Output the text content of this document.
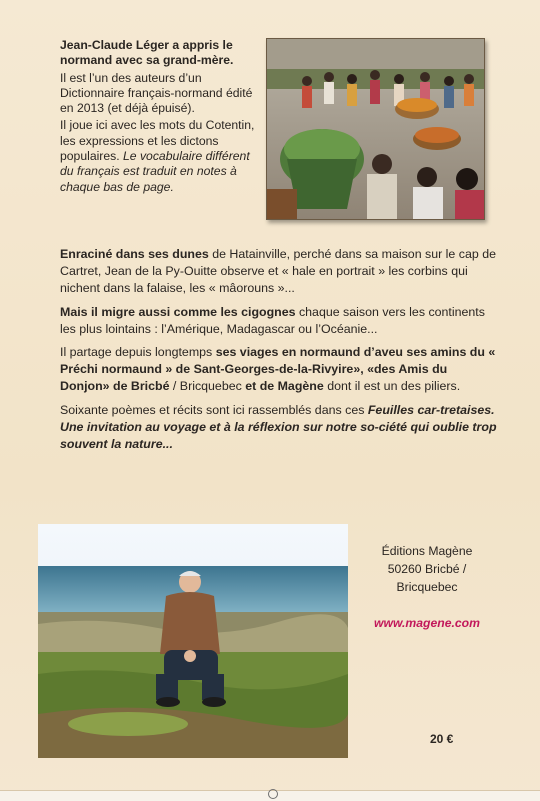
Jean-Claude Léger a appris le normand avec sa grand-mère.

Il est l’un des auteurs d’un Dictionnaire français-normand édité en 2013 (et déjà épuisé).

Il joue ici avec les mots du Cotentin, les expressions et les dictons populaires. Le vocabulaire différent du français est traduit en notes à chaque bas de page.

Enraciné dans ses dunes de Hatainville, perché dans sa maison sur le cap de Cartret, Jean de la Py-Ouitte observe et « hale en portrait » les corbins qui nichent dans la falaise, les « mâorouns »...

Mais il migre aussi comme les cigognes chaque saison vers les continents les plus lointains : l’Amérique, Madagascar ou l’Océanie...

Il partage depuis longtemps ses viages en normaund d’aveu ses amins du « Préchi normaund » de Sant-Georges-de-la-Rivyire», «des Amis du Donjon» de Bricbé / Bricquebec et de Magène dont il est un des piliers.

Soixante poèmes et récits sont ici rassemblés dans ces Feuilles car-tretaises. Une invitation au voyage et à la réflexion sur notre so-ciété qui oublie trop souvent la nature...

Éditions Magène
50260 Bricbé /
Bricquebec
www.magene.com
20 €
